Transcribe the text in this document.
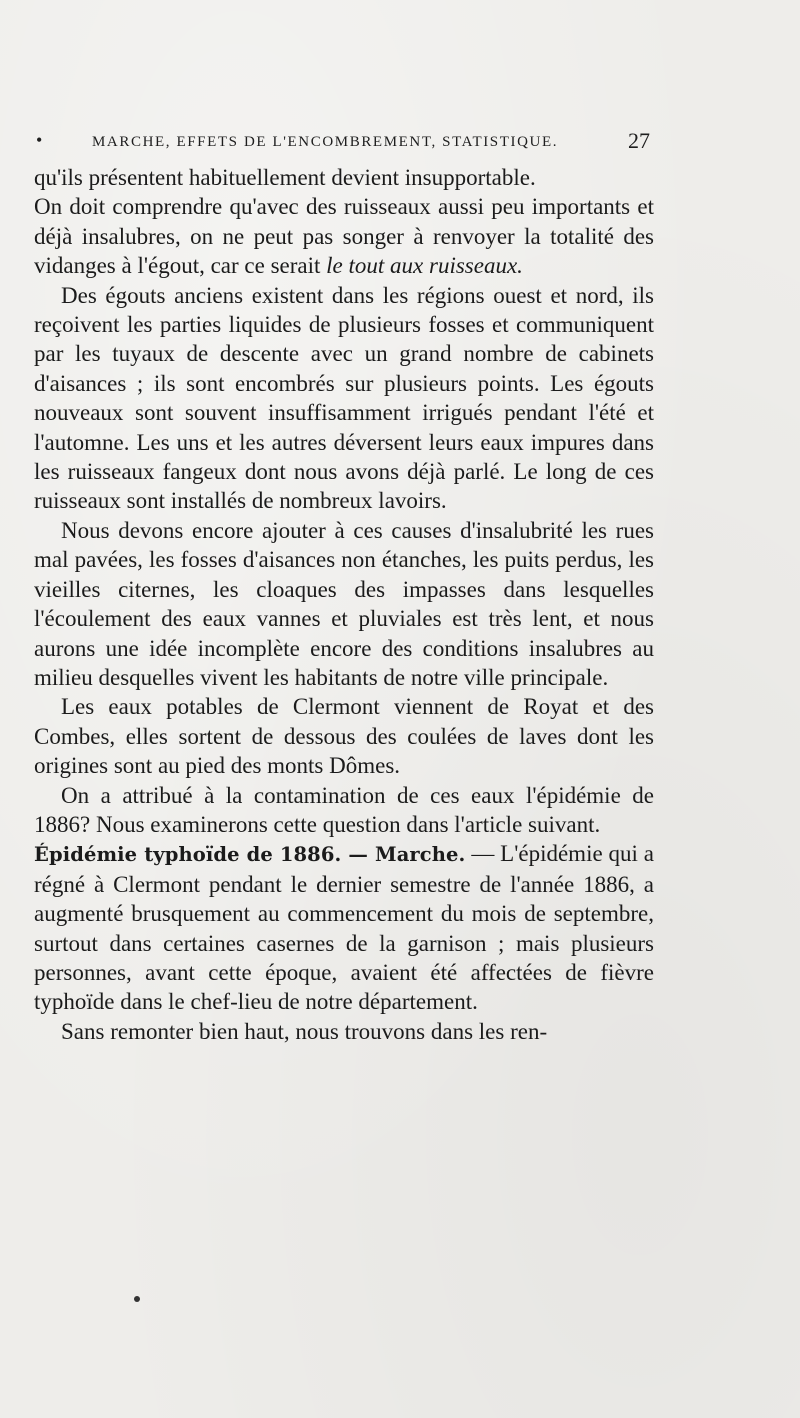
•	MARCHE, EFFETS DE L'ENCOMBREMENT, STATISTIQUE.	27

qu'ils présentent habituellement devient insupportable.

On doit comprendre qu'avec des ruisseaux aussi peu importants et déjà insalubres, on ne peut pas songer à renvoyer la totalité des vidanges à l'égout, car ce serait le tout aux ruisseaux.

Des égouts anciens existent dans les régions ouest et nord, ils reçoivent les parties liquides de plusieurs fosses et communiquent par les tuyaux de descente avec un grand nombre de cabinets d'aisances ; ils sont encombrés sur plusieurs points. Les égouts nouveaux sont souvent insuffisamment irrigués pendant l'été et l'automne. Les uns et les autres déversent leurs eaux impures dans les ruisseaux fangeux dont nous avons déjà parlé. Le long de ces ruisseaux sont installés de nombreux lavoirs.

Nous devons encore ajouter à ces causes d'insalubrité les rues mal pavées, les fosses d'aisances non étanches, les puits perdus, les vieilles citernes, les cloaques des impasses dans lesquelles l'écoulement des eaux vannes et pluviales est très lent, et nous aurons une idée incomplète encore des conditions insalubres au milieu desquelles vivent les habitants de notre ville principale.

Les eaux potables de Clermont viennent de Royat et des Combes, elles sortent de dessous des coulées de laves dont les origines sont au pied des monts Dômes.

On a attribué à la contamination de ces eaux l'épidémie de 1886? Nous examinerons cette question dans l'article suivant.

Épidémie typhoïde de 1886. — Marche. — L'épidémie qui a régné à Clermont pendant le dernier semestre de l'année 1886, a augmenté brusquement au commencement du mois de septembre, surtout dans certaines casernes de la garnison ; mais plusieurs personnes, avant cette époque, avaient été affectées de fièvre typhoïde dans le chef-lieu de notre département.

Sans remonter bien haut, nous trouvons dans les ren-
